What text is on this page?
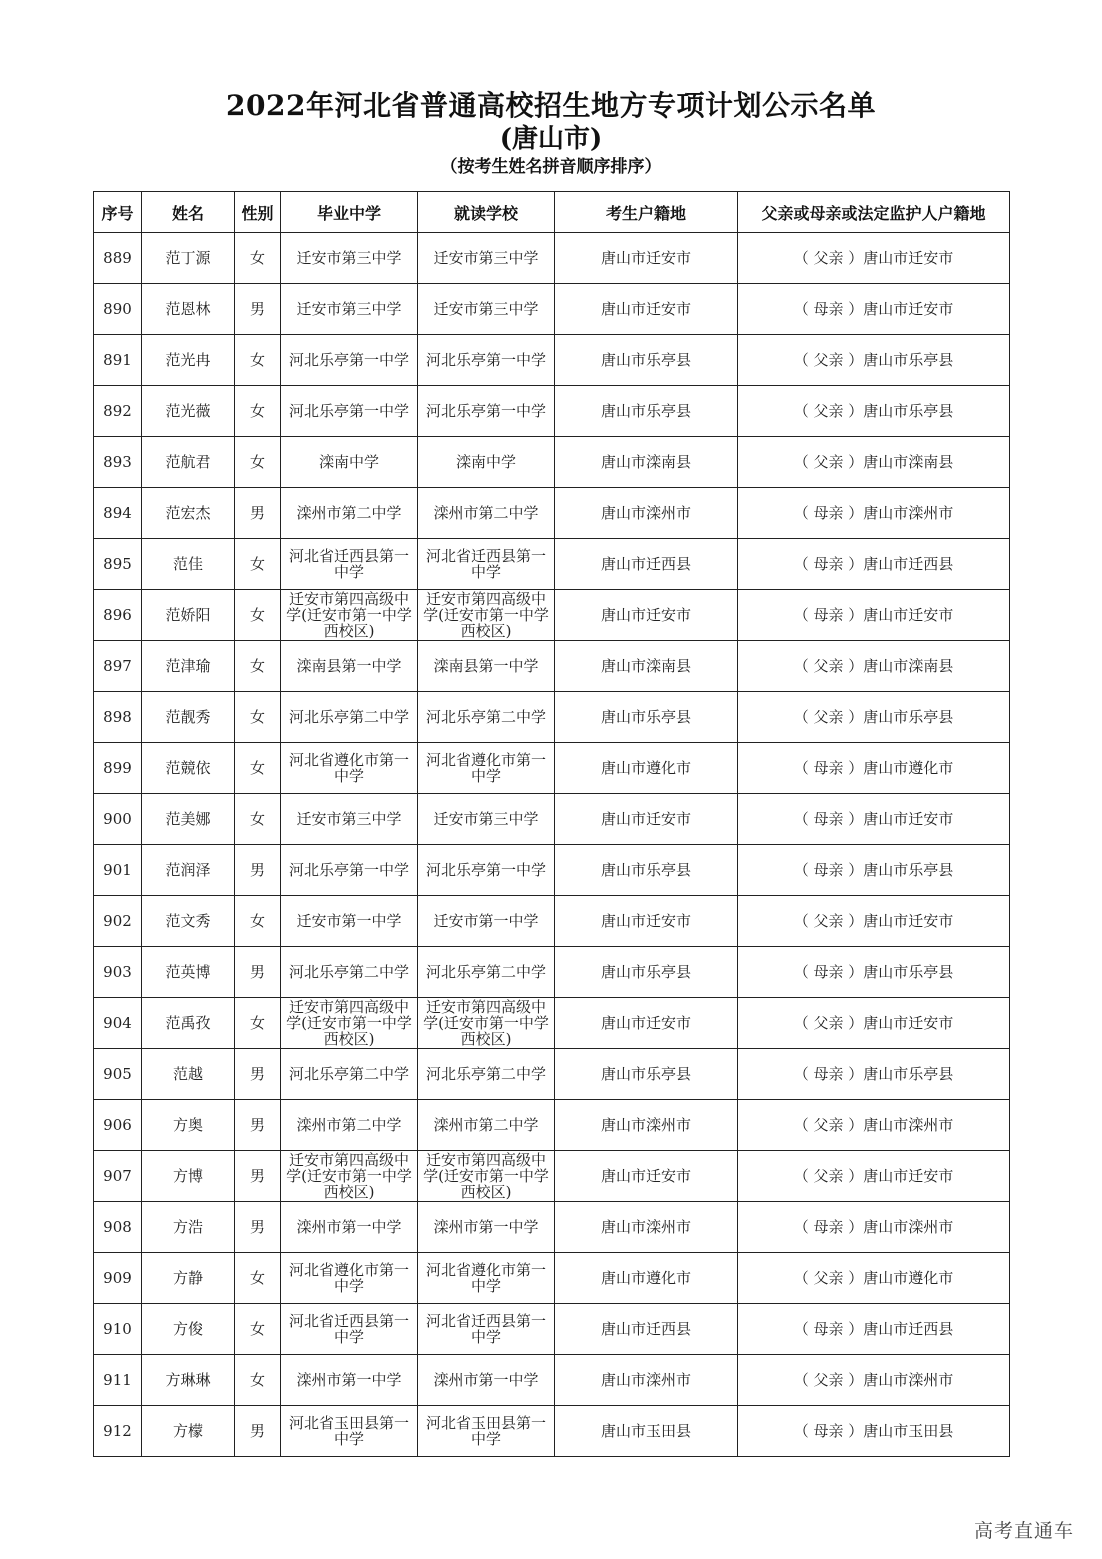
2022年河北省普通高校招生地方专项计划公示名单
(唐山市)
（按考生姓名拼音顺序排序）
序号	姓名	性别	毕业中学	就读学校	考生户籍地	父亲或母亲或法定监护人户籍地
889	范丁源	女	迁安市第三中学	迁安市第三中学	唐山市迁安市	（ 父亲 ）唐山市迁安市
890	范恩林	男	迁安市第三中学	迁安市第三中学	唐山市迁安市	（ 母亲 ）唐山市迁安市
891	范光冉	女	河北乐亭第一中学	河北乐亭第一中学	唐山市乐亭县	（ 父亲 ）唐山市乐亭县
892	范光薇	女	河北乐亭第一中学	河北乐亭第一中学	唐山市乐亭县	（ 父亲 ）唐山市乐亭县
893	范航君	女	滦南中学	滦南中学	唐山市滦南县	（ 父亲 ）唐山市滦南县
894	范宏杰	男	滦州市第二中学	滦州市第二中学	唐山市滦州市	（ 母亲 ）唐山市滦州市
895	范佳	女	河北省迁西县第一中学	河北省迁西县第一中学	唐山市迁西县	（ 母亲 ）唐山市迁西县
896	范娇阳	女	迁安市第四高级中学(迁安市第一中学西校区)	迁安市第四高级中学(迁安市第一中学西校区)	唐山市迁安市	（ 母亲 ）唐山市迁安市
897	范津瑜	女	滦南县第一中学	滦南县第一中学	唐山市滦南县	（ 父亲 ）唐山市滦南县
898	范靓秀	女	河北乐亭第二中学	河北乐亭第二中学	唐山市乐亭县	（ 父亲 ）唐山市乐亭县
899	范競依	女	河北省遵化市第一中学	河北省遵化市第一中学	唐山市遵化市	（ 母亲 ）唐山市遵化市
900	范美娜	女	迁安市第三中学	迁安市第三中学	唐山市迁安市	（ 母亲 ）唐山市迁安市
901	范润泽	男	河北乐亭第一中学	河北乐亭第一中学	唐山市乐亭县	（ 母亲 ）唐山市乐亭县
902	范文秀	女	迁安市第一中学	迁安市第一中学	唐山市迁安市	（ 父亲 ）唐山市迁安市
903	范英博	男	河北乐亭第二中学	河北乐亭第二中学	唐山市乐亭县	（ 母亲 ）唐山市乐亭县
904	范禹孜	女	迁安市第四高级中学(迁安市第一中学西校区)	迁安市第四高级中学(迁安市第一中学西校区)	唐山市迁安市	（ 父亲 ）唐山市迁安市
905	范越	男	河北乐亭第二中学	河北乐亭第二中学	唐山市乐亭县	（ 母亲 ）唐山市乐亭县
906	方奥	男	滦州市第二中学	滦州市第二中学	唐山市滦州市	（ 父亲 ）唐山市滦州市
907	方博	男	迁安市第四高级中学(迁安市第一中学西校区)	迁安市第四高级中学(迁安市第一中学西校区)	唐山市迁安市	（ 父亲 ）唐山市迁安市
908	方浩	男	滦州市第一中学	滦州市第一中学	唐山市滦州市	（ 母亲 ）唐山市滦州市
909	方静	女	河北省遵化市第一中学	河北省遵化市第一中学	唐山市遵化市	（ 父亲 ）唐山市遵化市
910	方俊	女	河北省迁西县第一中学	河北省迁西县第一中学	唐山市迁西县	（ 母亲 ）唐山市迁西县
911	方琳琳	女	滦州市第一中学	滦州市第一中学	唐山市滦州市	（ 父亲 ）唐山市滦州市
912	方檬	男	河北省玉田县第一中学	河北省玉田县第一中学	唐山市玉田县	（ 母亲 ）唐山市玉田县
高考直通车
